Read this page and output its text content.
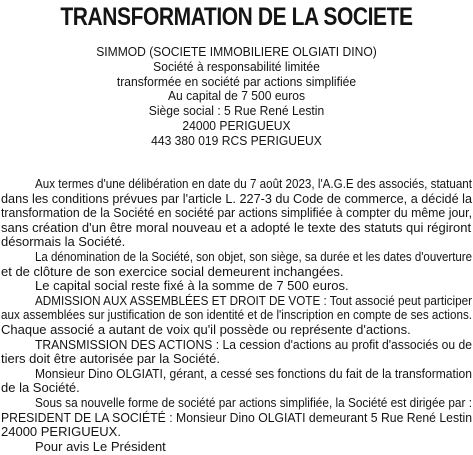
TRANSFORMATION DE LA SOCIETE
SIMMOD (SOCIETE IMMOBILIERE OLGIATI DINO)
Société à responsabilité limitée
transformée en société par actions simplifiée
Au capital de 7 500 euros
Siège social : 5 Rue René Lestin
24000 PERIGUEUX
443 380 019 RCS PERIGUEUX
Aux termes d'une délibération en date du 7 août 2023, l'A.G.E des associés, statuant
dans les conditions prévues par l'article L. 227-3 du Code de commerce, a décidé la
transformation de la Société en société par actions simplifiée à compter du même jour,
sans création d'un être moral nouveau et a adopté le texte des statuts qui régiront
désormais la Société.
La dénomination de la Société, son objet, son siège, sa durée et les dates d'ouverture
et de clôture de son exercice social demeurent inchangées.
Le capital social reste fixé à la somme de 7 500 euros.
ADMISSION AUX ASSEMBLÉES ET DROIT DE VOTE : Tout associé peut participer
aux assemblées sur justification de son identité et de l'inscription en compte de ses actions.
Chaque associé a autant de voix qu'il possède ou représente d'actions.
TRANSMISSION DES ACTIONS : La cession d'actions au profit d'associés ou de
tiers doit être autorisée par la Société.
Monsieur Dino OLGIATI, gérant, a cessé ses fonctions du fait de la transformation
de la Société.
Sous sa nouvelle forme de société par actions simplifiée, la Société est dirigée par :
PRESIDENT DE LA SOCIÉTÉ : Monsieur Dino OLGIATI demeurant 5 Rue René Lestin
24000 PERIGUEUX.
Pour avis Le Président
